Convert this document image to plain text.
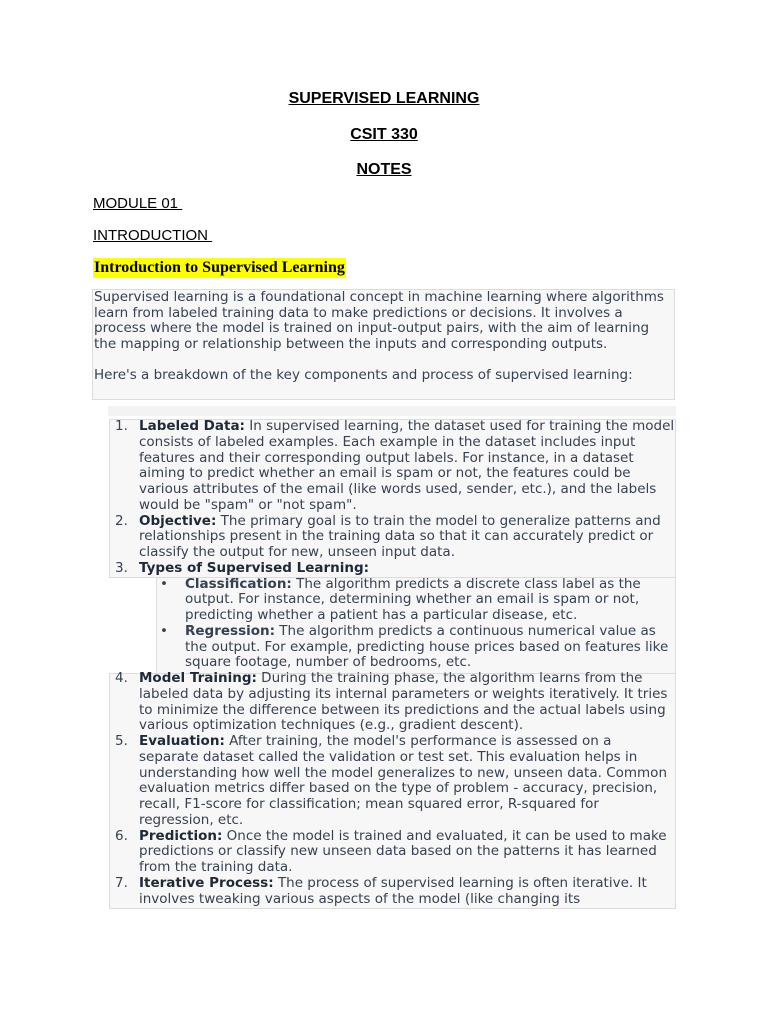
SUPERVISED LEARNING
CSIT 330
NOTES
MODULE 01
INTRODUCTION
Introduction to Supervised Learning

Supervised learning is a foundational concept in machine learning where algorithms learn from labeled training data to make predictions or decisions. It involves a process where the model is trained on input-output pairs, with the aim of learning the mapping or relationship between the inputs and corresponding outputs.

Here's a breakdown of the key components and process of supervised learning:

1. Labeled Data: In supervised learning, the dataset used for training the model consists of labeled examples. Each example in the dataset includes input features and their corresponding output labels. For instance, in a dataset aiming to predict whether an email is spam or not, the features could be various attributes of the email (like words used, sender, etc.), and the labels would be "spam" or "not spam".
2. Objective: The primary goal is to train the model to generalize patterns and relationships present in the training data so that it can accurately predict or classify the output for new, unseen input data.
3. Types of Supervised Learning:
• Classification: The algorithm predicts a discrete class label as the output. For instance, determining whether an email is spam or not, predicting whether a patient has a particular disease, etc.
• Regression: The algorithm predicts a continuous numerical value as the output. For example, predicting house prices based on features like square footage, number of bedrooms, etc.
4. Model Training: During the training phase, the algorithm learns from the labeled data by adjusting its internal parameters or weights iteratively. It tries to minimize the difference between its predictions and the actual labels using various optimization techniques (e.g., gradient descent).
5. Evaluation: After training, the model's performance is assessed on a separate dataset called the validation or test set. This evaluation helps in understanding how well the model generalizes to new, unseen data. Common evaluation metrics differ based on the type of problem - accuracy, precision, recall, F1-score for classification; mean squared error, R-squared for regression, etc.
6. Prediction: Once the model is trained and evaluated, it can be used to make predictions or classify new unseen data based on the patterns it has learned from the training data.
7. Iterative Process: The process of supervised learning is often iterative. It involves tweaking various aspects of the model (like changing its
